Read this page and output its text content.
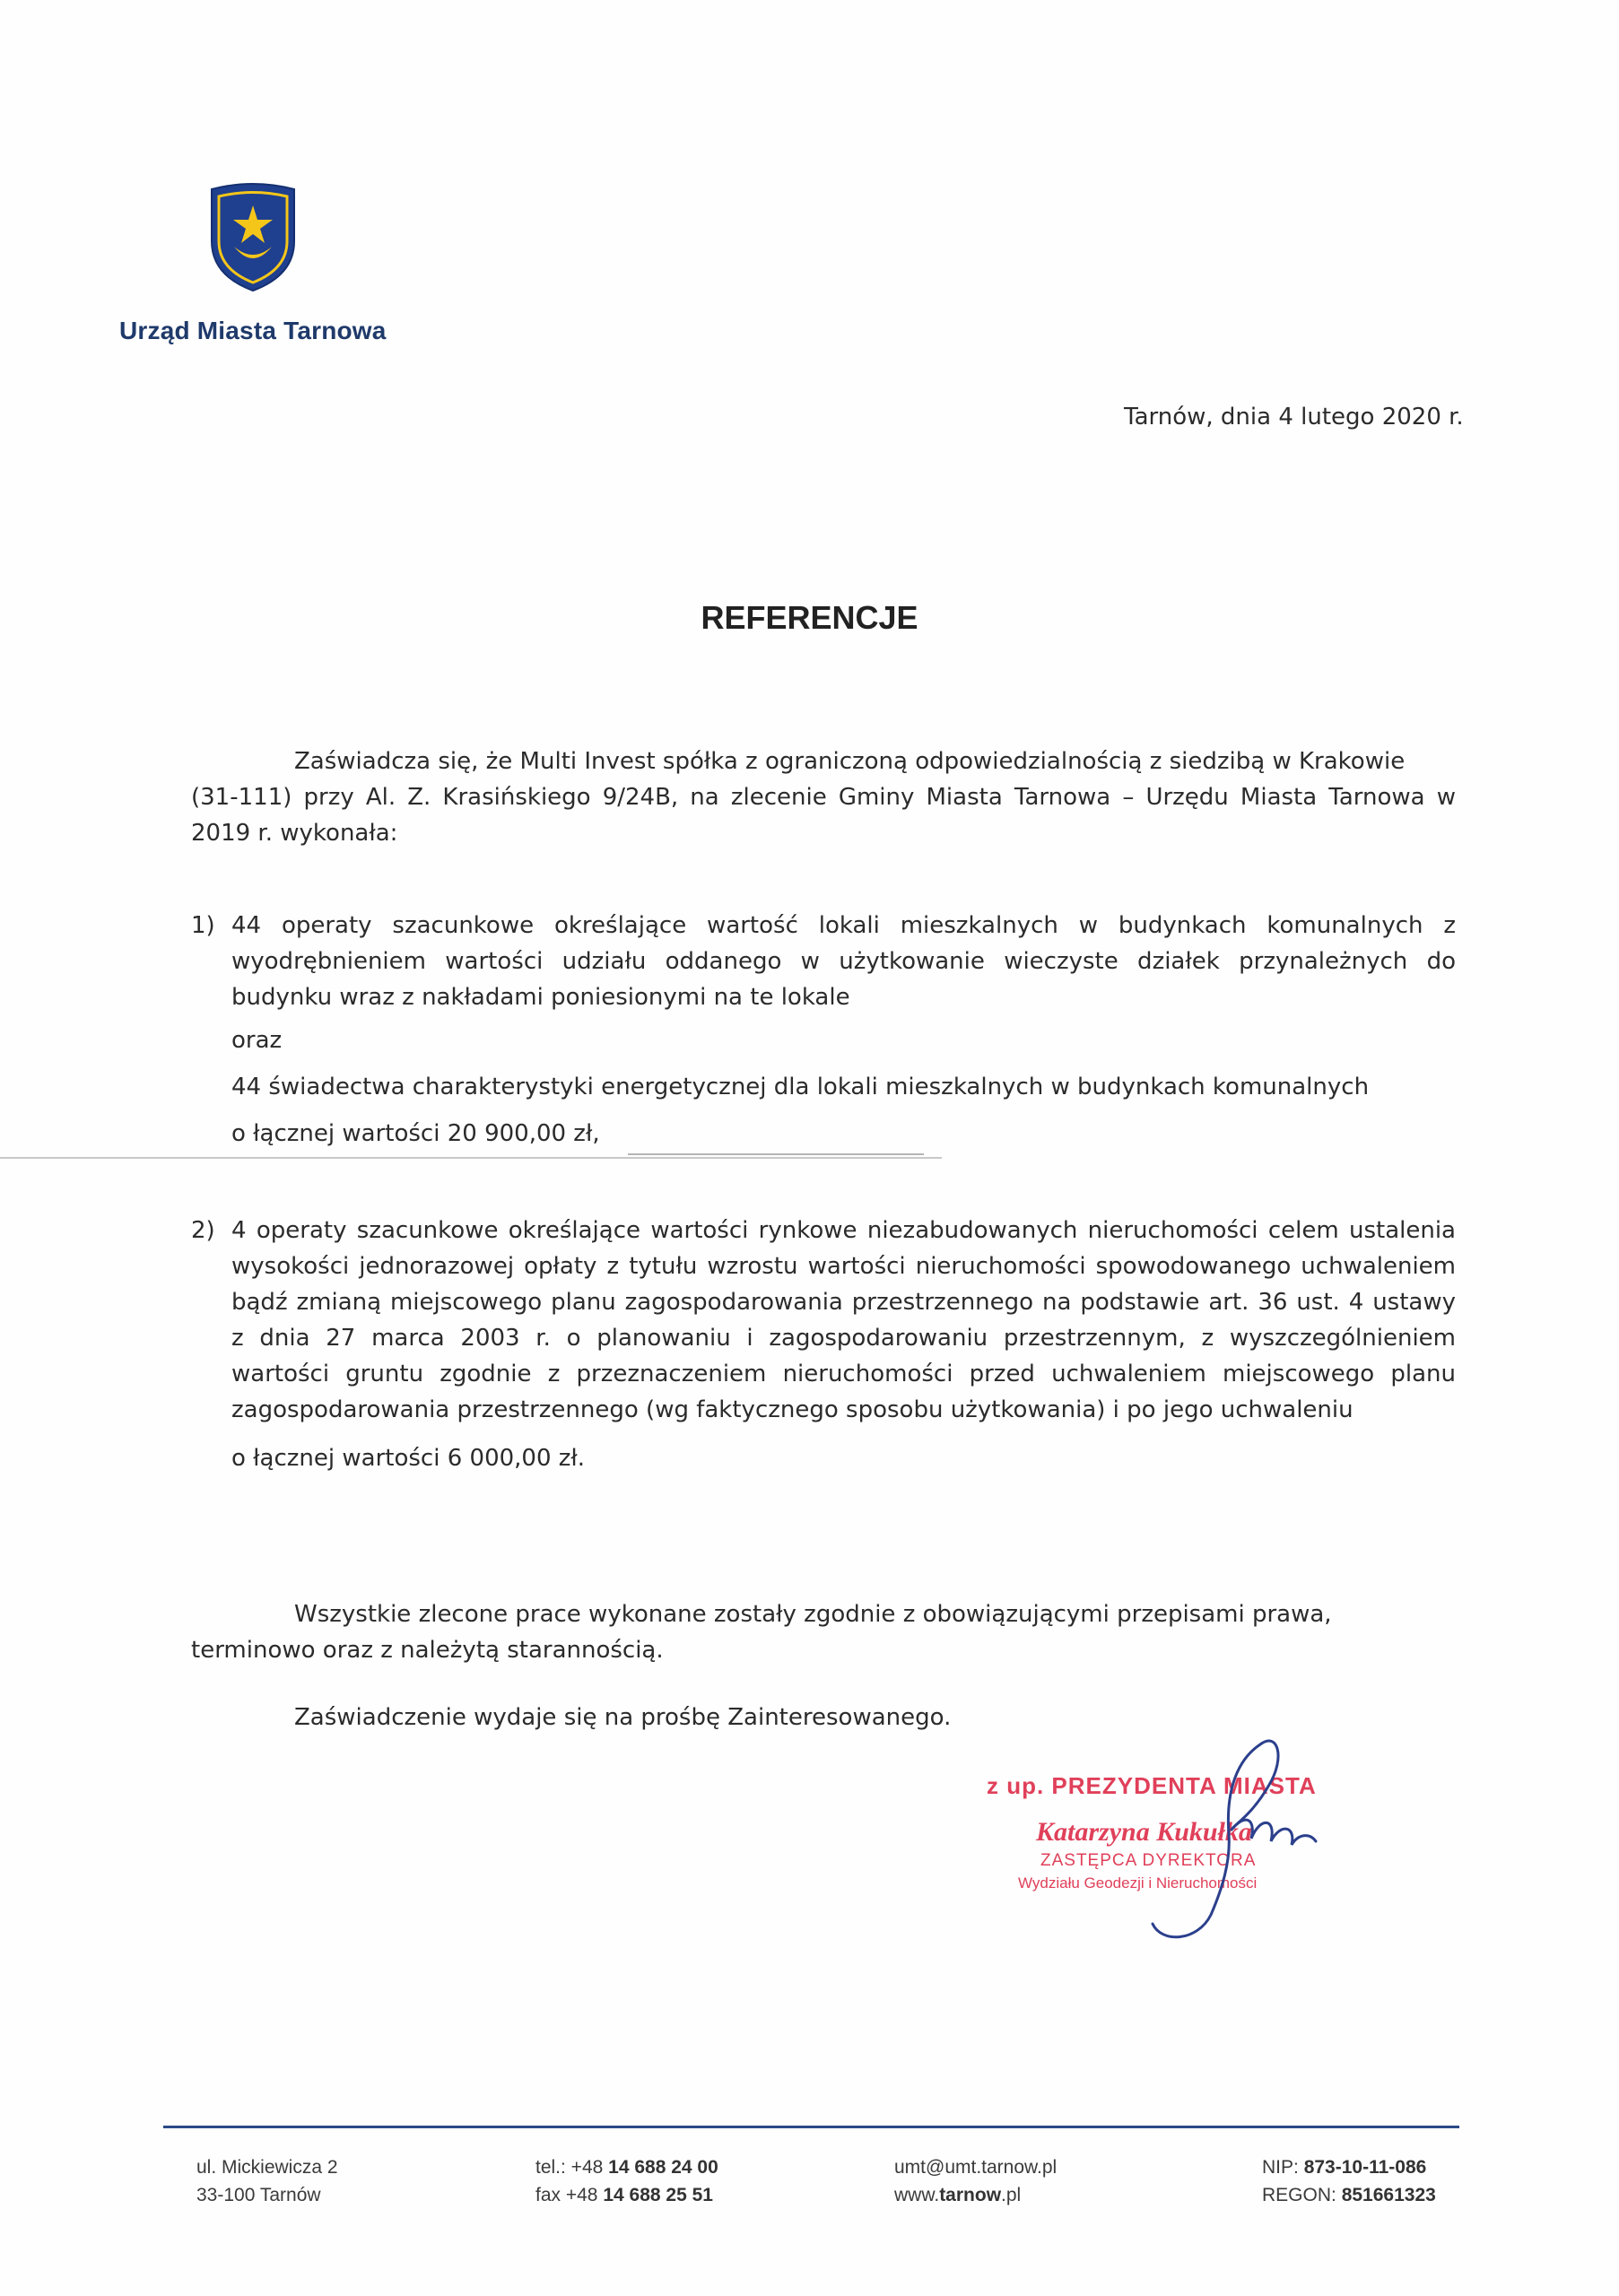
Urząd Miasta Tarnowa
Tarnów, dnia 4 lutego 2020 r.
REFERENCJE
Zaświadcza się, że Multi Invest spółka z ograniczoną odpowiedzialnością z siedzibą w Krakowie
(31-111) przy Al. Z. Krasińskiego 9/24B, na zlecenie Gminy Miasta Tarnowa – Urzędu Miasta Tarnowa w 2019 r. wykonała:
1) 44 operaty szacunkowe określające wartość lokali mieszkalnych w budynkach komunalnych z wyodrębnieniem wartości udziału oddanego w użytkowanie wieczyste działek przynależnych do budynku wraz z nakładami poniesionymi na te lokale
oraz
44 świadectwa charakterystyki energetycznej dla lokali mieszkalnych w budynkach komunalnych
o łącznej wartości 20 900,00 zł,
2) 4 operaty szacunkowe określające wartości rynkowe niezabudowanych nieruchomości celem ustalenia wysokości jednorazowej opłaty z tytułu wzrostu wartości nieruchomości spowodowanego uchwaleniem bądź zmianą miejscowego planu zagospodarowania przestrzennego na podstawie art. 36 ust. 4 ustawy z dnia 27 marca 2003 r. o planowaniu i zagospodarowaniu przestrzennym, z wyszczególnieniem wartości gruntu zgodnie z przeznaczeniem nieruchomości przed uchwaleniem miejscowego planu zagospodarowania przestrzennego (wg faktycznego sposobu użytkowania) i po jego uchwaleniu
o łącznej wartości 6 000,00 zł.
Wszystkie zlecone prace wykonane zostały zgodnie z obowiązującymi przepisami prawa,
terminowo oraz z należytą starannością.
Zaświadczenie wydaje się na prośbę Zainteresowanego.
z up. PREZYDENTA MIASTA
Katarzyna Kukułka
ZASTĘPCA DYREKTORA
Wydziału Geodezji i Nieruchomości
ul. Mickiewicza 2
33-100 Tarnów
tel.: +48 14 688 24 00
fax +48 14 688 25 51
umt@umt.tarnow.pl
www.tarnow.pl
NIP: 873-10-11-086
REGON: 851661323
